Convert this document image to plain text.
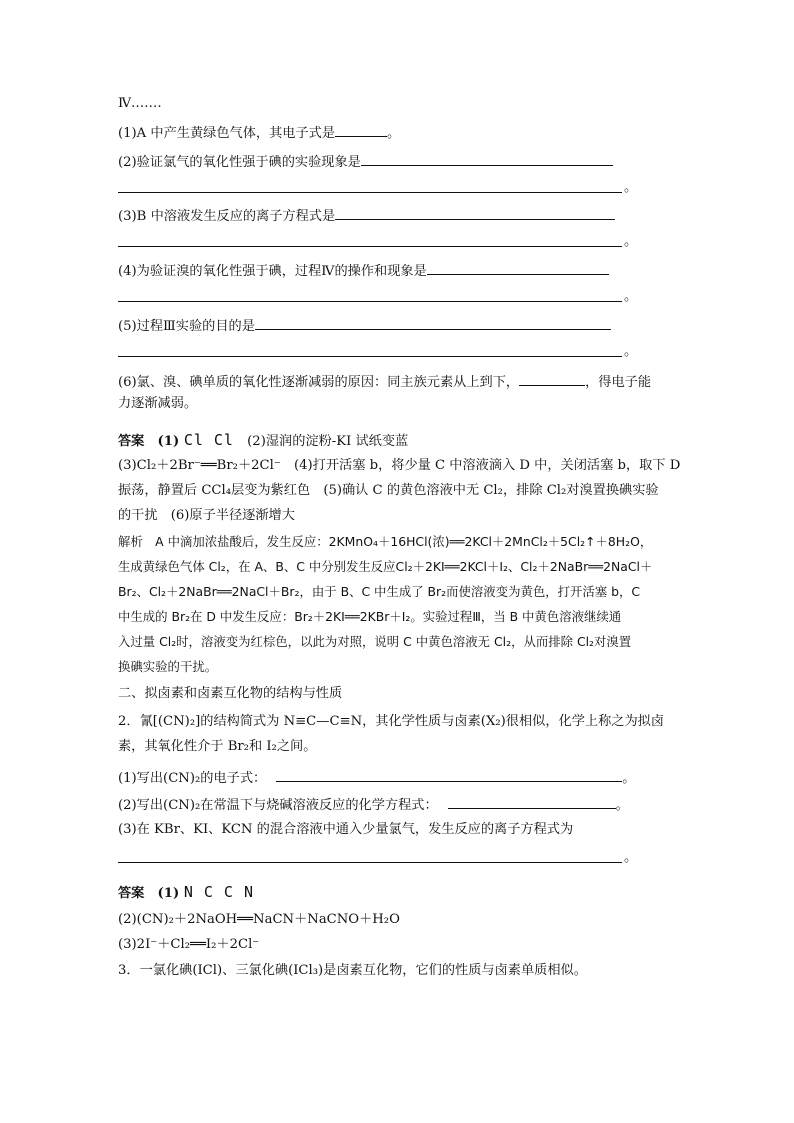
Ⅳ.……
(1)A 中产生黄绿色气体，其电子式是	。
(2)验证氯气的氧化性强于碘的实验现象是
。
(3)B 中溶液发生反应的离子方程式是
。
(4)为验证溴的氧化性强于碘，过程Ⅳ的操作和现象是
。
(5)过程Ⅲ实验的目的是
。
(6)氯、溴、碘单质的氧化性逐渐减弱的原因：同主族元素从上到下，	，得电子能
力逐渐减弱。
答案　(1) Cl Cl　(2)湿润的淀粉-KI 试纸变蓝
(3)Cl₂＋2Br⁻══Br₂＋2Cl⁻　(4)打开活塞 b，将少量 C 中溶液滴入 D 中，关闭活塞 b，取下 D
振荡，静置后 CCl₄层变为紫红色　(5)确认 C 的黄色溶液中无 Cl₂，排除 Cl₂对溴置换碘实验
的干扰　(6)原子半径逐渐增大
解析　A 中滴加浓盐酸后，发生反应：2KMnO₄＋16HCl(浓)══2KCl＋2MnCl₂＋5Cl₂↑＋8H₂O，
生成黄绿色气体 Cl₂，在 A、B、C 中分别发生反应Cl₂＋2KI══2KCl＋I₂、Cl₂＋2NaBr══2NaCl＋
Br₂、Cl₂＋2NaBr══2NaCl＋Br₂，由于 B、C 中生成了 Br₂而使溶液变为黄色，打开活塞 b，C
中生成的 Br₂在 D 中发生反应：Br₂＋2KI══2KBr＋I₂。实验过程Ⅲ，当 B 中黄色溶液继续通
入过量 Cl₂时，溶液变为红棕色，以此为对照，说明 C 中黄色溶液无 Cl₂，从而排除 Cl₂对溴置
换碘实验的干扰。
二、拟卤素和卤素互化物的结构与性质
2．氰[(CN)₂]的结构简式为 N≡C—C≡N，其化学性质与卤素(X₂)很相似，化学上称之为拟卤
素，其氧化性介于 Br₂和 I₂之间。
(1)写出(CN)₂的电子式：	。
(2)写出(CN)₂在常温下与烧碱溶液反应的化学方程式：	。
(3)在 KBr、KI、KCN 的混合溶液中通入少量氯气，发生反应的离子方程式为
。
答案　(1) N C C N
(2)(CN)₂＋2NaOH══NaCN＋NaCNO＋H₂O
(3)2I⁻＋Cl₂══I₂＋2Cl⁻
3．一氯化碘(ICl)、三氯化碘(ICl₃)是卤素互化物，它们的性质与卤素单质相似。
